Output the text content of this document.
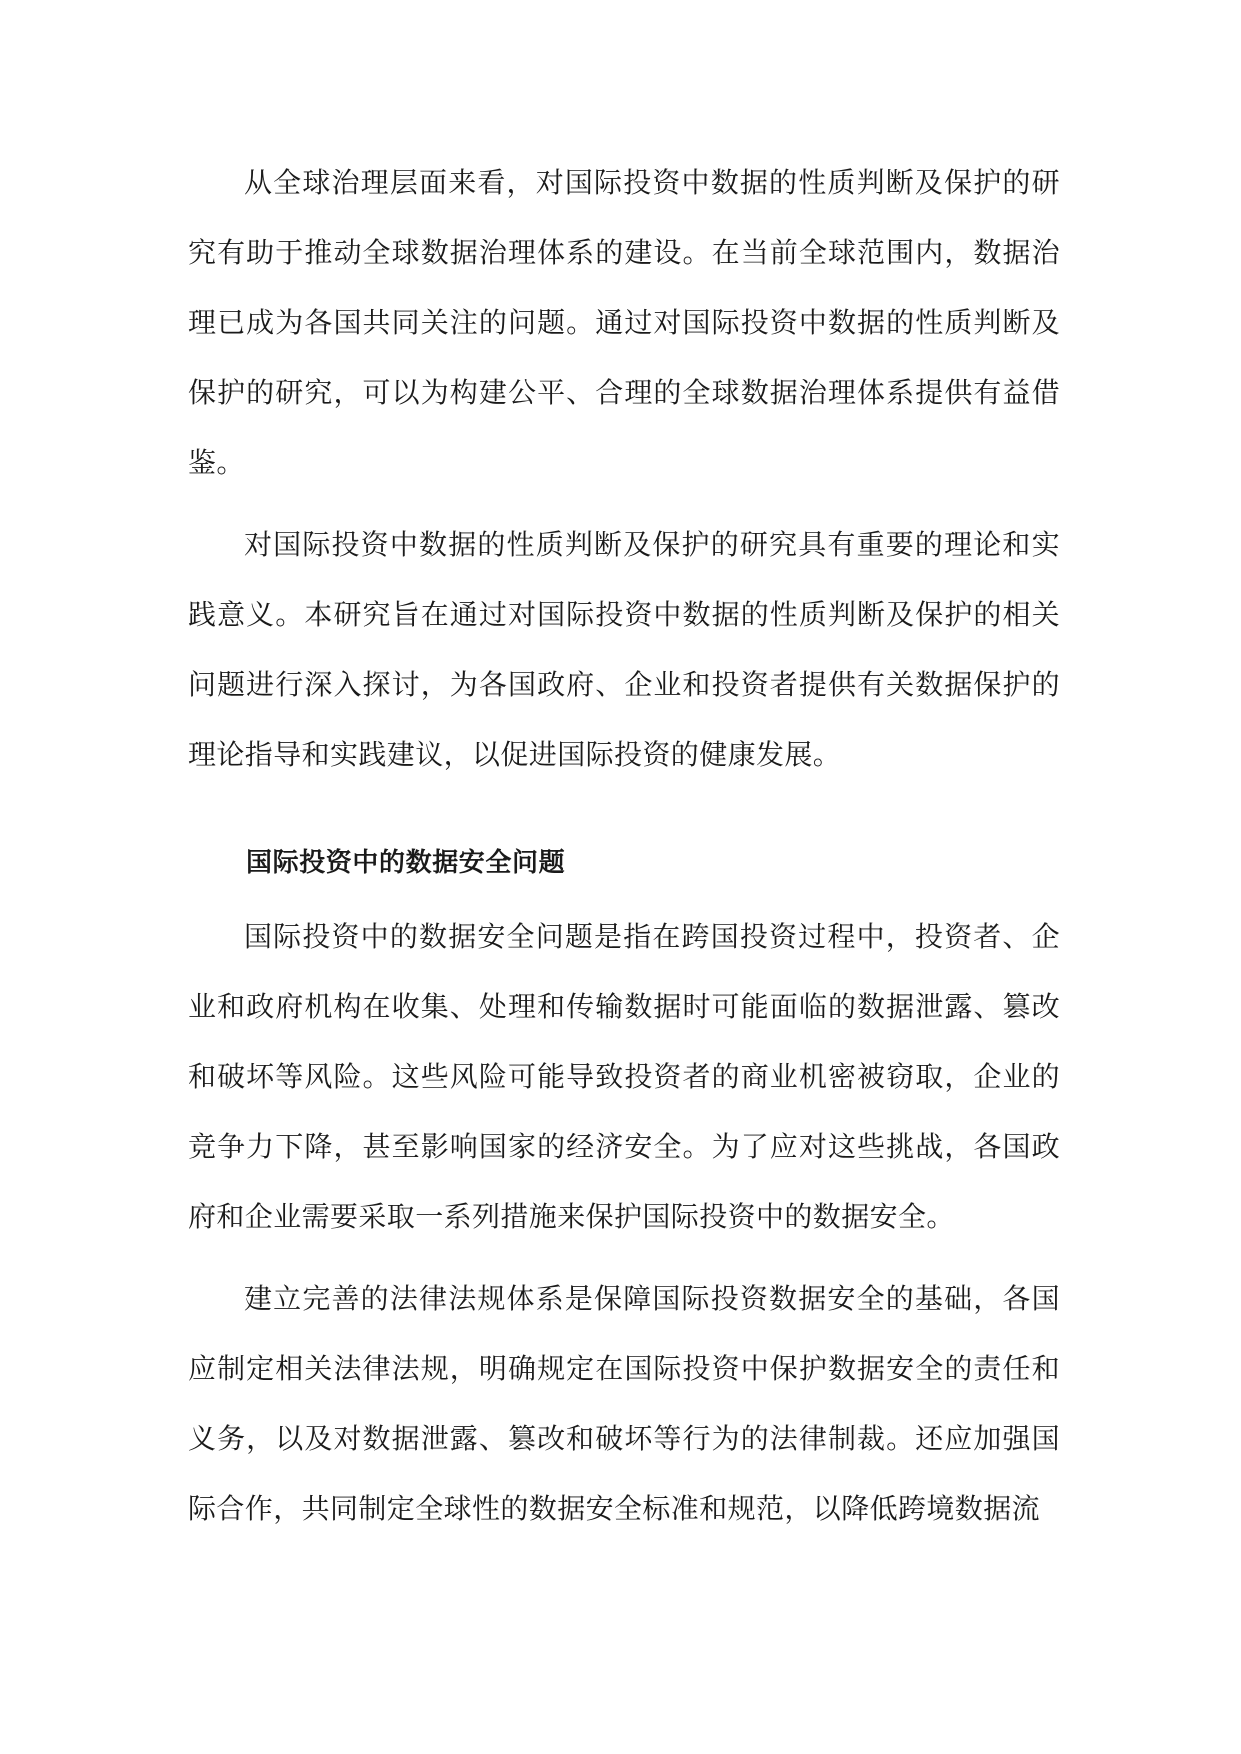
从全球治理层面来看，对国际投资中数据的性质判断及保护的研究有助于推动全球数据治理体系的建设。在当前全球范围内，数据治理已成为各国共同关注的问题。通过对国际投资中数据的性质判断及保护的研究，可以为构建公平、合理的全球数据治理体系提供有益借鉴。

对国际投资中数据的性质判断及保护的研究具有重要的理论和实践意义。本研究旨在通过对国际投资中数据的性质判断及保护的相关问题进行深入探讨，为各国政府、企业和投资者提供有关数据保护的理论指导和实践建议，以促进国际投资的健康发展。

国际投资中的数据安全问题

国际投资中的数据安全问题是指在跨国投资过程中，投资者、企业和政府机构在收集、处理和传输数据时可能面临的数据泄露、篡改和破坏等风险。这些风险可能导致投资者的商业机密被窃取，企业的竞争力下降，甚至影响国家的经济安全。为了应对这些挑战，各国政府和企业需要采取一系列措施来保护国际投资中的数据安全。

建立完善的法律法规体系是保障国际投资数据安全的基础，各国应制定相关法律法规，明确规定在国际投资中保护数据安全的责任和义务，以及对数据泄露、篡改和破坏等行为的法律制裁。还应加强国际合作，共同制定全球性的数据安全标准和规范，以降低跨境数据流
